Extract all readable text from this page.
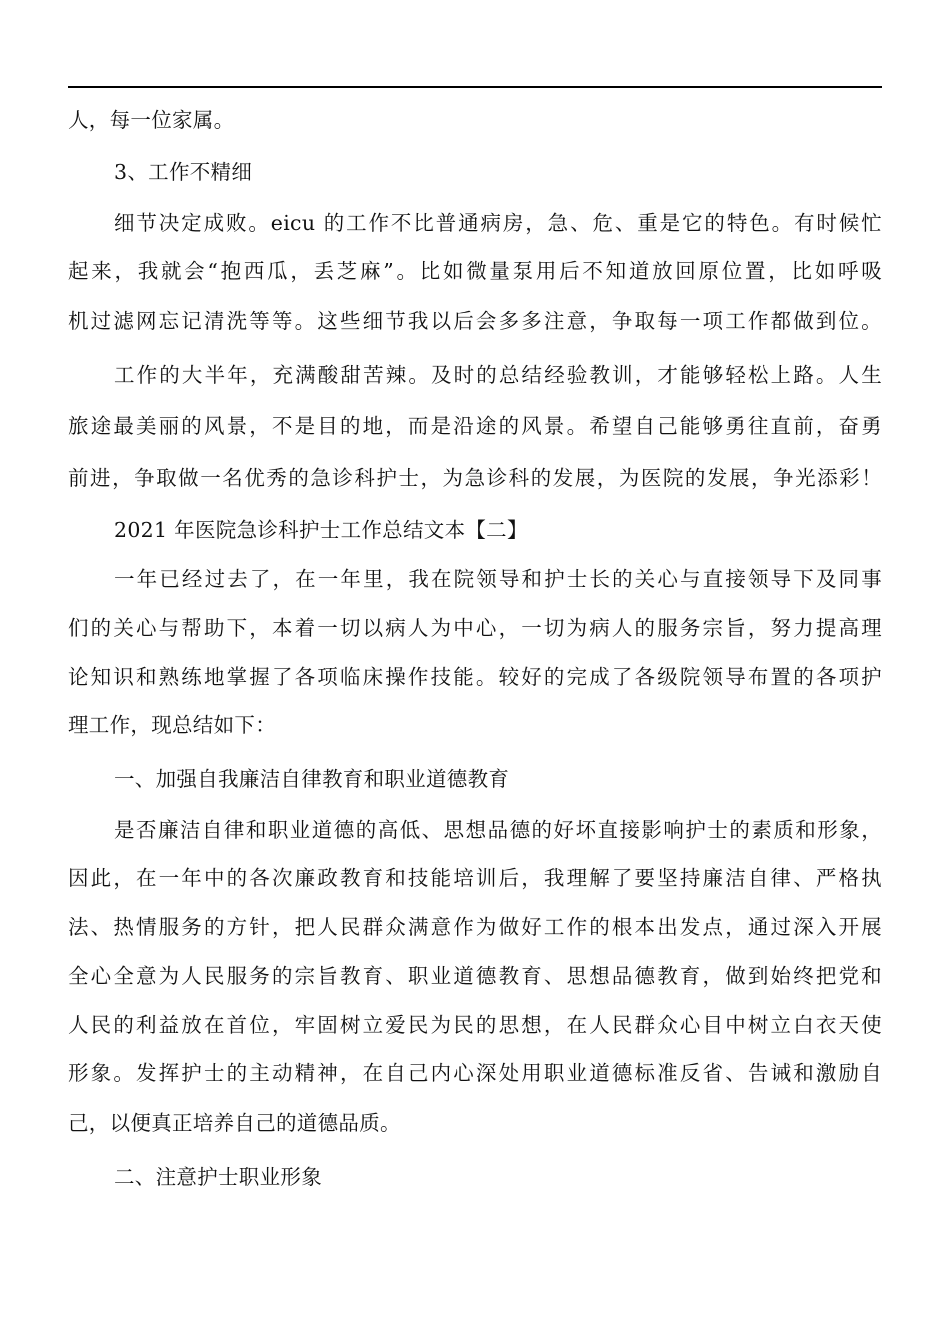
人，每一位家属。
3、工作不精细
细节决定成败。eicu 的工作不比普通病房，急、危、重是它的特色。有时候忙
起来，我就会“抱西瓜，丢芝麻”。比如微量泵用后不知道放回原位置，比如呼吸
机过滤网忘记清洗等等。这些细节我以后会多多注意，争取每一项工作都做到位。
工作的大半年，充满酸甜苦辣。及时的总结经验教训，才能够轻松上路。人生
旅途最美丽的风景，不是目的地，而是沿途的风景。希望自己能够勇往直前，奋勇
前进，争取做一名优秀的急诊科护士，为急诊科的发展，为医院的发展，争光添彩！
2021 年医院急诊科护士工作总结文本【二】
一年已经过去了，在一年里，我在院领导和护士长的关心与直接领导下及同事
们的关心与帮助下，本着一切以病人为中心，一切为病人的服务宗旨，努力提高理
论知识和熟练地掌握了各项临床操作技能。较好的完成了各级院领导布置的各项护
理工作，现总结如下：
一、加强自我廉洁自律教育和职业道德教育
是否廉洁自律和职业道德的高低、思想品德的好坏直接影响护士的素质和形象，
因此，在一年中的各次廉政教育和技能培训后，我理解了要坚持廉洁自律、严格执
法、热情服务的方针，把人民群众满意作为做好工作的根本出发点，通过深入开展
全心全意为人民服务的宗旨教育、职业道德教育、思想品德教育，做到始终把党和
人民的利益放在首位，牢固树立爱民为民的思想，在人民群众心目中树立白衣天使
形象。发挥护士的主动精神，在自己内心深处用职业道德标准反省、告诫和激励自
己，以便真正培养自己的道德品质。
二、注意护士职业形象
